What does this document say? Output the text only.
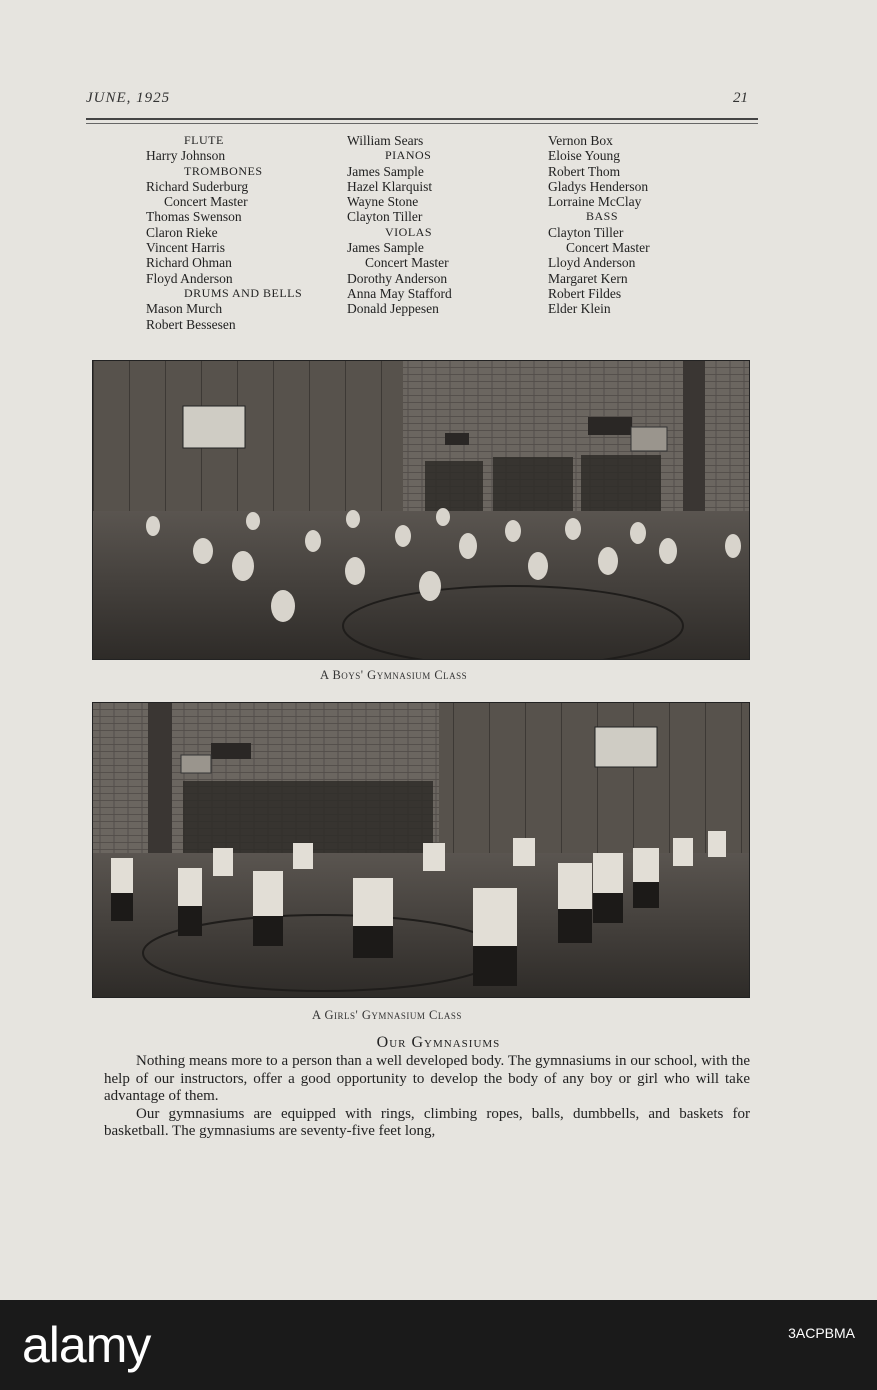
JUNE, 1925	21
FLUTE
Harry Johnson
TROMBONES
Richard Suderburg
Concert Master
Thomas Swenson
Claron Rieke
Vincent Harris
Richard Ohman
Floyd Anderson
DRUMS AND BELLS
Mason Murch
Robert Bessesen
William Sears
PIANOS
James Sample
Hazel Klarquist
Wayne Stone
Clayton Tiller
VIOLAS
James Sample
Concert Master
Dorothy Anderson
Anna May Stafford
Donald Jeppesen
Vernon Box
Eloise Young
Robert Thom
Gladys Henderson
Lorraine McClay
BASS
Clayton Tiller
Concert Master
Lloyd Anderson
Margaret Kern
Robert Fildes
Elder Klein
A Boys' Gymnasium Class
A Girls' Gymnasium Class
Our Gymnasiums

Nothing means more to a person than a well developed body. The gymnasiums in our school, with the help of our instructors, offer a good opportunity to develop the body of any boy or girl who will take advantage of them.

Our gymnasiums are equipped with rings, climbing ropes, balls, dumbbells, and baskets for basketball. The gymnasiums are seventy-five feet long,

alamy	3ACPBMA
